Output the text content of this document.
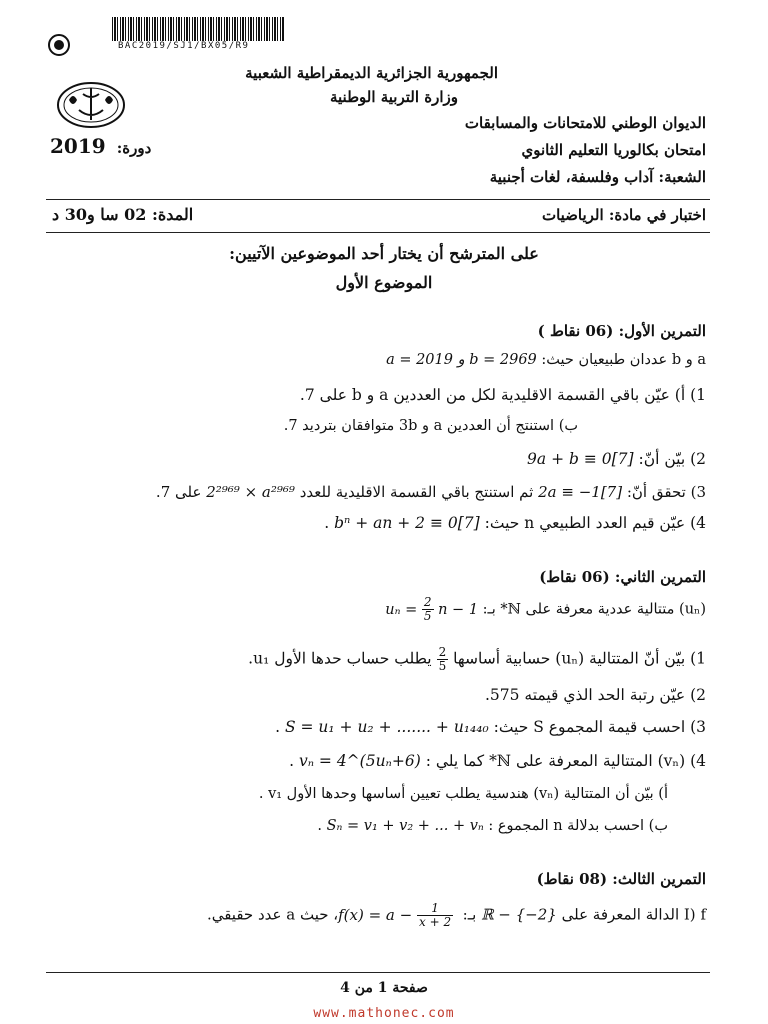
BAC2019/SJ1/BX05/R9
الجمهورية الجزائرية الديمقراطية الشعبية
وزارة التربية الوطنية
الديوان الوطني للامتحانات والمسابقات
امتحان بكالوريا التعليم الثانوي
الشعبة: آداب وفلسفة، لغات أجنبية
2019 دورة:
اختبار في مادة: الرياضيات
المدة: 02 سا و30 د
على المترشح أن يختار أحد الموضوعين الآتيين:
الموضوع الأول
التمرين الأول: (06 نقاط )
a و b عددان طبيعيان حيث: a = 2019 و b = 2969
1) أ) عيّن باقي القسمة الاقليدية لكل من العددين a و b على 7.
ب) استنتج أن العددين a و 3b متوافقان بترديد 7.
2) بيّن أنّ: 9a + b ≡ 0[7]
3) تحقق أنّ: 2a ≡ −1[7] ثم استنتج باقي القسمة الاقليدية للعدد 2²⁹⁶⁹ × a²⁹⁶⁹ على 7.
4) عيّن قيم العدد الطبيعي n حيث: bⁿ + an + 2 ≡ 0[7] .
التمرين الثاني: (06 نقاط)
(uₙ) متتالية عددية معرفة على ℕ* بـ: $u_n = \frac{2}{5}$ n − 1
1) بيّن أنّ المتتالية (uₙ) حسابية أساسها
$\frac{2}{5}$
يطلب حساب حدها الأول u₁.
2) عيّن رتبة الحد الذي قيمته 575.
3) احسب قيمة المجموع S حيث: S = u₁ + u₂ + ....... + u₁₄₄₀ .
4) (vₙ) المتتالية المعرفة على ℕ* كما يلي : vₙ = 4^(5uₙ+6) .
أ) بيّن أن المتتالية (vₙ) هندسية يطلب تعيين أساسها وحدها الأول v₁ .
ب) احسب بدلالة n المجموع : Sₙ = v₁ + v₂ + ... + vₙ .
التمرين الثالث: (08 نقاط)
I) f الدالة المعرفة على ℝ − {−2} بـ: $f(x) = a - \frac{1}{x + 2}$
، حيث a عدد حقيقي.
صفحة 1 من 4
www.mathonec.com
